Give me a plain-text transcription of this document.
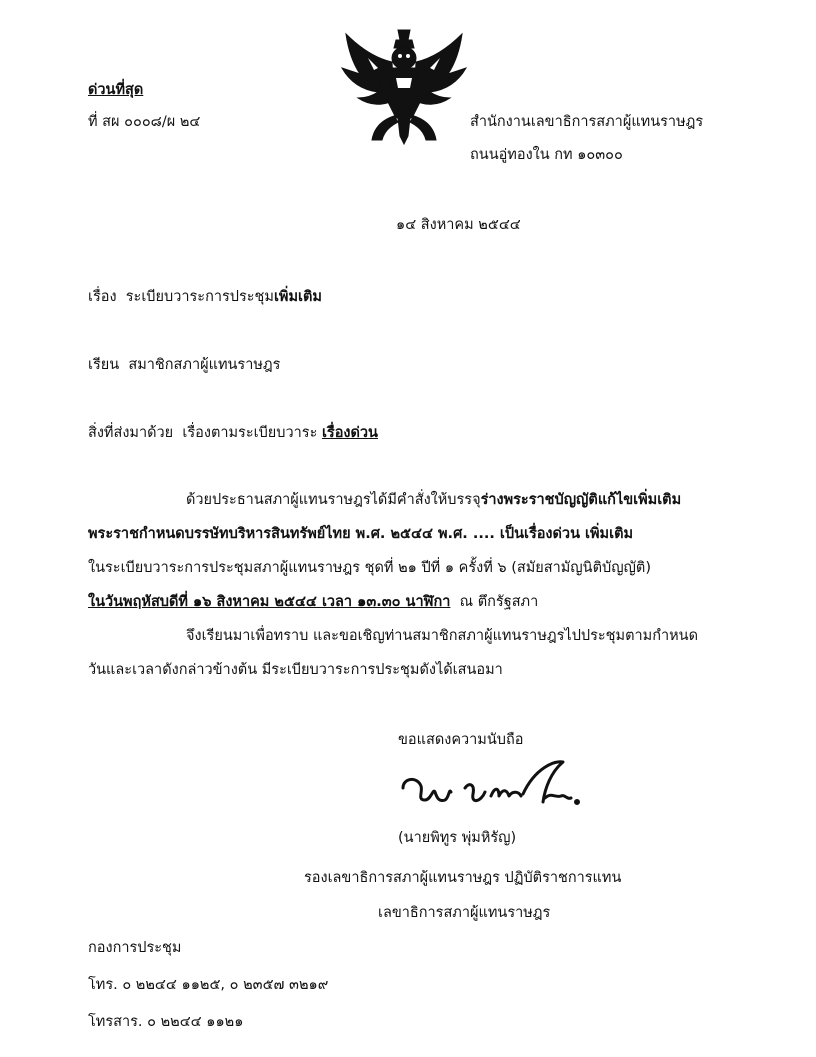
ด่วนที่สุด
ที่ สผ ๐๐๐๘/ผ ๒๔	สำนักงานเลขาธิการสภาผู้แทนราษฎร
ถนนอู่ทองใน กท ๑๐๓๐๐
๑๔ สิงหาคม ๒๕๔๔
เรื่อง ระเบียบวาระการประชุมเพิ่มเติม
เรียน สมาชิกสภาผู้แทนราษฎร
สิ่งที่ส่งมาด้วย เรื่องตามระเบียบวาระ เรื่องด่วน
ด้วยประธานสภาผู้แทนราษฎรได้มีคำสั่งให้บรรจุร่างพระราชบัญญัติแก้ไขเพิ่มเติม
พระราชกำหนดบรรษัทบริหารสินทรัพย์ไทย พ.ศ. ๒๕๔๔ พ.ศ. .... เป็นเรื่องด่วน เพิ่มเติม
ในระเบียบวาระการประชุมสภาผู้แทนราษฎร ชุดที่ ๒๑ ปีที่ ๑ ครั้งที่ ๖ (สมัยสามัญนิติบัญญัติ)
ในวันพฤหัสบดีที่ ๑๖ สิงหาคม ๒๕๔๔ เวลา ๑๓.๓๐ นาฬิกา ณ ตึกรัฐสภา
จึงเรียนมาเพื่อทราบ และขอเชิญท่านสมาชิกสภาผู้แทนราษฎรไปประชุมตามกำหนด
วันและเวลาดังกล่าวข้างต้น มีระเบียบวาระการประชุมดังได้เสนอมา
ขอแสดงความนับถือ
(นายพิทูร พุ่มหิรัญ)
รองเลขาธิการสภาผู้แทนราษฎร ปฏิบัติราชการแทน
เลขาธิการสภาผู้แทนราษฎร
กองการประชุม
โทร. ๐ ๒๒๔๔ ๑๑๒๕, ๐ ๒๓๕๗ ๓๒๑๙
โทรสาร. ๐ ๒๒๔๔ ๑๑๒๑
